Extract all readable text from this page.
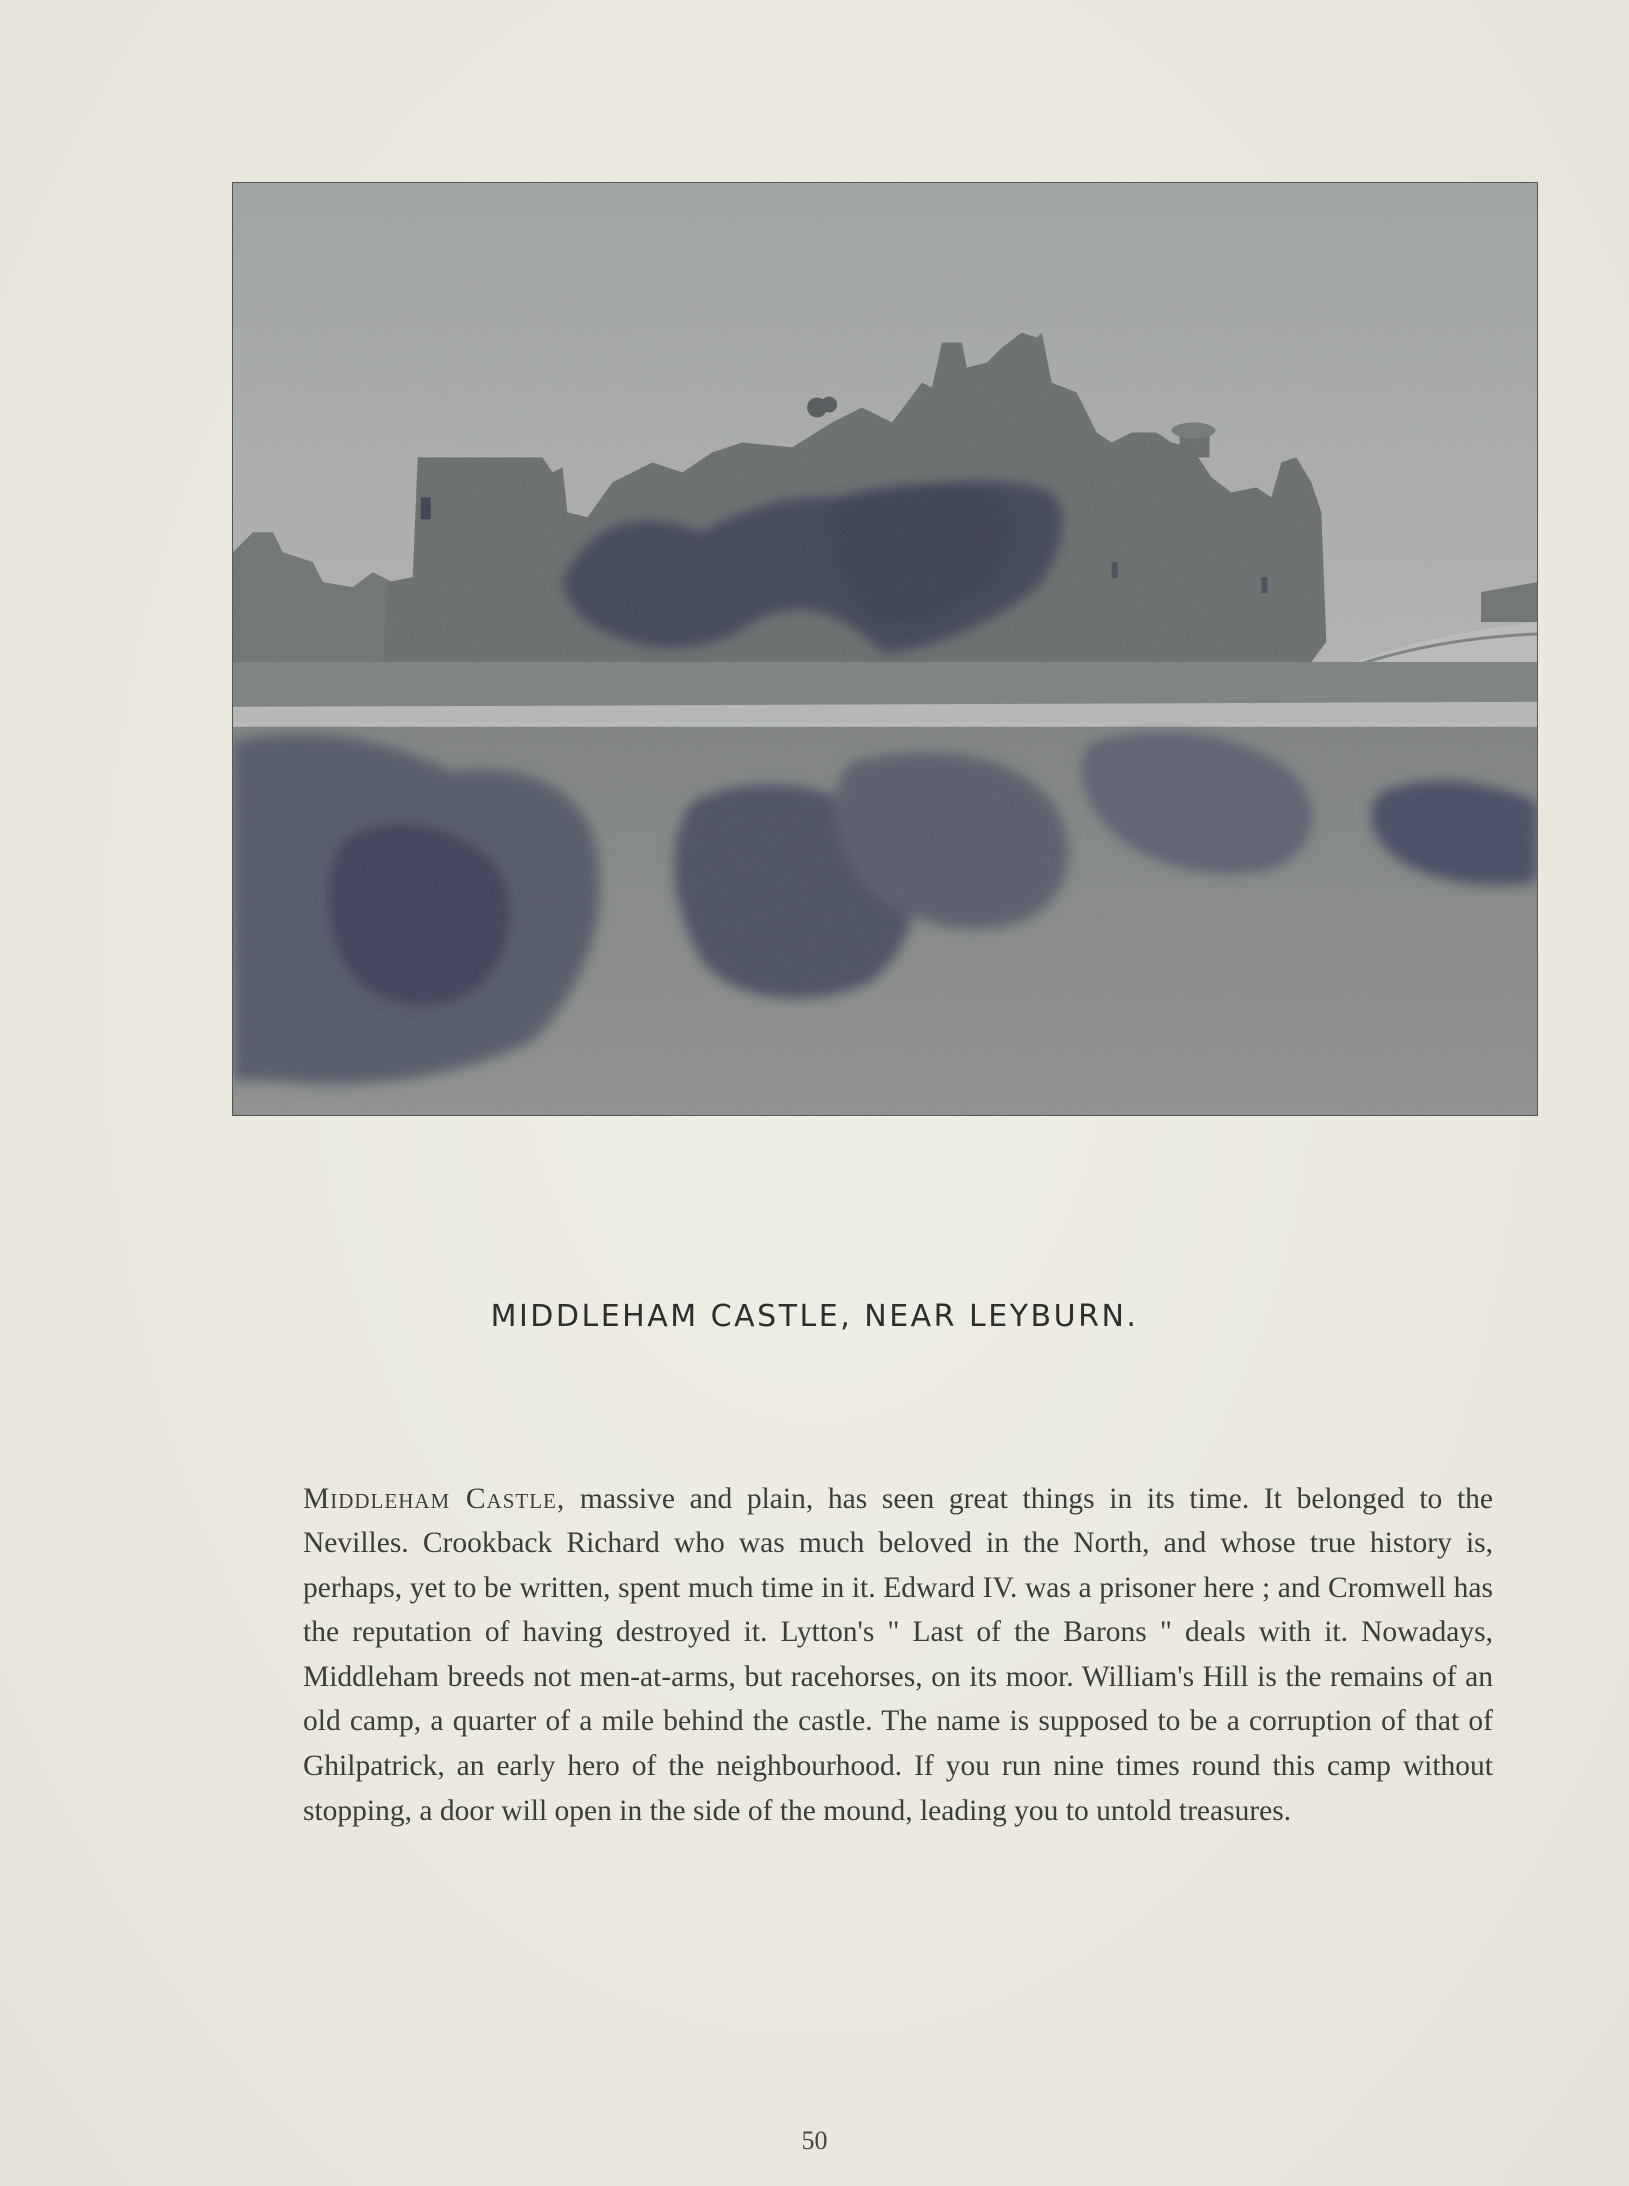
MIDDLEHAM CASTLE, NEAR LEYBURN.

Middleham Castle, massive and plain, has seen great things in its time. It belonged to the Nevilles. Crookback Richard who was much beloved in the North, and whose true history is, perhaps, yet to be written, spent much time in it. Edward IV. was a prisoner here ; and Cromwell has the reputation of having destroyed it. Lytton's " Last of the Barons " deals with it. Nowadays, Middleham breeds not men-at-arms, but racehorses, on its moor. William's Hill is the remains of an old camp, a quarter of a mile behind the castle. The name is supposed to be a corruption of that of Ghilpatrick, an early hero of the neighbourhood. If you run nine times round this camp without stopping, a door will open in the side of the mound, leading you to untold treasures.

50
